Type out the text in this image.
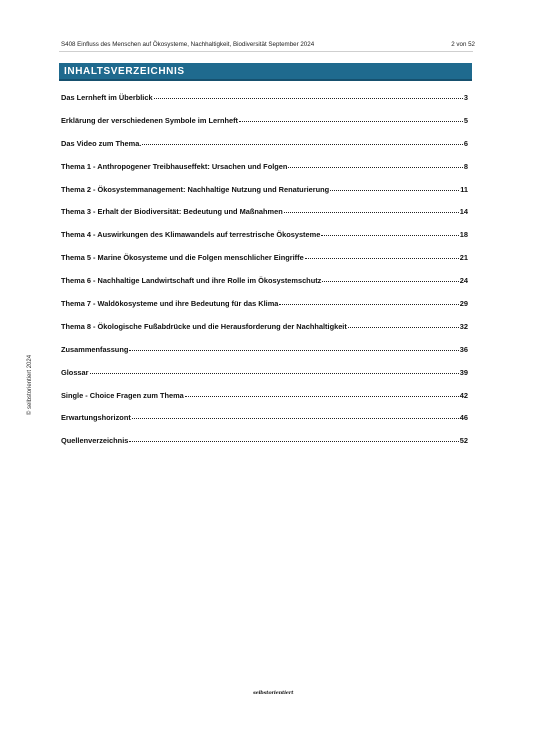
S408 Einfluss des Menschen auf Ökosysteme, Nachhaltigkeit, Biodiversität September 2024	2 von 52
INHALTSVERZEICHNIS
Das Lernheft im Überblick	3
Erklärung der verschiedenen Symbole im Lernheft	5
Das Video zum Thema.	6
Thema 1 - Anthropogener Treibhauseffekt: Ursachen und Folgen	8
Thema 2 - Ökosystemmanagement: Nachhaltige Nutzung und Renaturierung	11
Thema 3 - Erhalt der Biodiversität: Bedeutung und Maßnahmen	14
Thema 4 - Auswirkungen des Klimawandels auf terrestrische Ökosysteme	18
Thema 5 - Marine Ökosysteme und die Folgen menschlicher Eingriffe	21
Thema 6 - Nachhaltige Landwirtschaft und ihre Rolle im Ökosystemschutz	24
Thema 7 - Waldökosysteme und ihre Bedeutung für das Klima	29
Thema 8 - Ökologische Fußabdrücke und die Herausforderung der Nachhaltigkeit	32
Zusammenfassung	36
Glossar	39
Single - Choice Fragen zum Thema	42
Erwartungshorizont	46
Quellenverzeichnis	52
© selbstorientiert 2024
selbstorientiert
